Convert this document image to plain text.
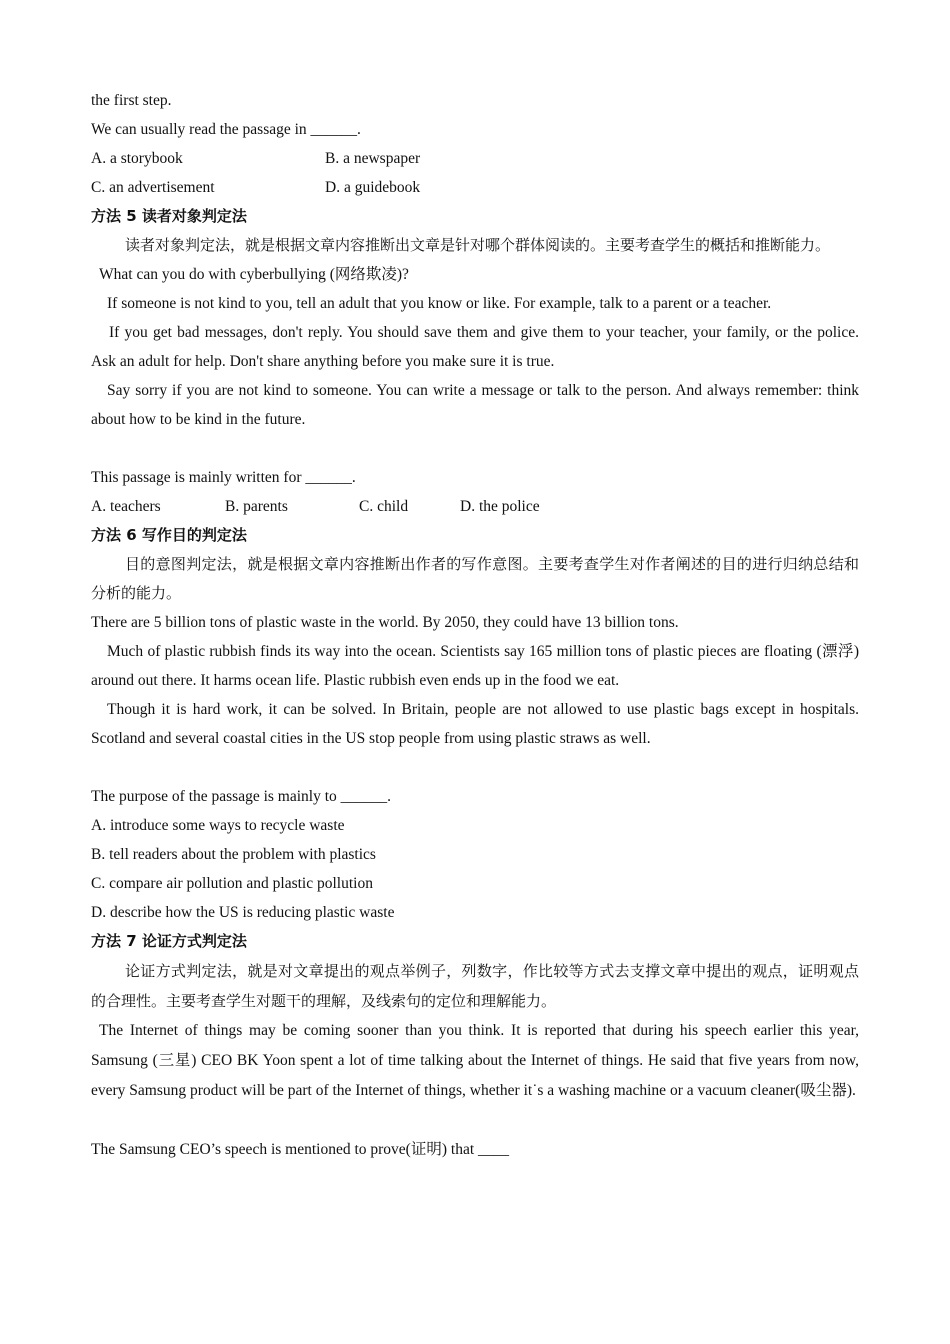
the first step.

We can usually read the passage in ______.

A. a storybook	B. a newspaper
C. an advertisement	D. a guidebook

方法 5 读者对象判定法

读者对象判定法，就是根据文章内容推断出文章是针对哪个群体阅读的。主要考查学生的概括和推断能力。

What can you do with cyberbullying (网络欺凌)?

If someone is not kind to you, tell an adult that you know or like. For example, talk to a parent or a teacher.

If you get bad messages, don't reply. You should save them and give them to your teacher, your family, or the police. Ask an adult for help. Don't share anything before you make sure it is true.

Say sorry if you are not kind to someone. You can write a message or talk to the person. And always remember: think about how to be kind in the future.

This passage is mainly written for ______.

A. teachers	B. parents	C. child	D. the police

方法 6 写作目的判定法

目的意图判定法，就是根据文章内容推断出作者的写作意图。主要考查学生对作者阐述的目的进行归纳总结和分析的能力。

There are 5 billion tons of plastic waste in the world. By 2050, they could have 13 billion tons.

Much of plastic rubbish finds its way into the ocean. Scientists say 165 million tons of plastic pieces are floating (漂浮) around out there. It harms ocean life. Plastic rubbish even ends up in the food we eat.

Though it is hard work, it can be solved. In Britain, people are not allowed to use plastic bags except in hospitals. Scotland and several coastal cities in the US stop people from using plastic straws as well.

The purpose of the passage is mainly to ______.

A. introduce some ways to recycle waste

B. tell readers about the problem with plastics

C. compare air pollution and plastic pollution

D. describe how the US is reducing plastic waste

方法 7 论证方式判定法

论证方式判定法，就是对文章提出的观点举例子，列数字，作比较等方式去支撑文章中提出的观点，证明观点的合理性。主要考查学生对题干的理解，及线索句的定位和理解能力。

The Internet of things may be coming sooner than you think. It is reported that during his speech earlier this year, Samsung (三星) CEO BK Yoon spent a lot of time talking about the Internet of things. He said that five years from now, every Samsung product will be part of the Internet of things, whether it˙s a washing machine or a vacuum cleaner(吸尘器).

The Samsung CEO’s speech is mentioned to prove(证明) that ____
